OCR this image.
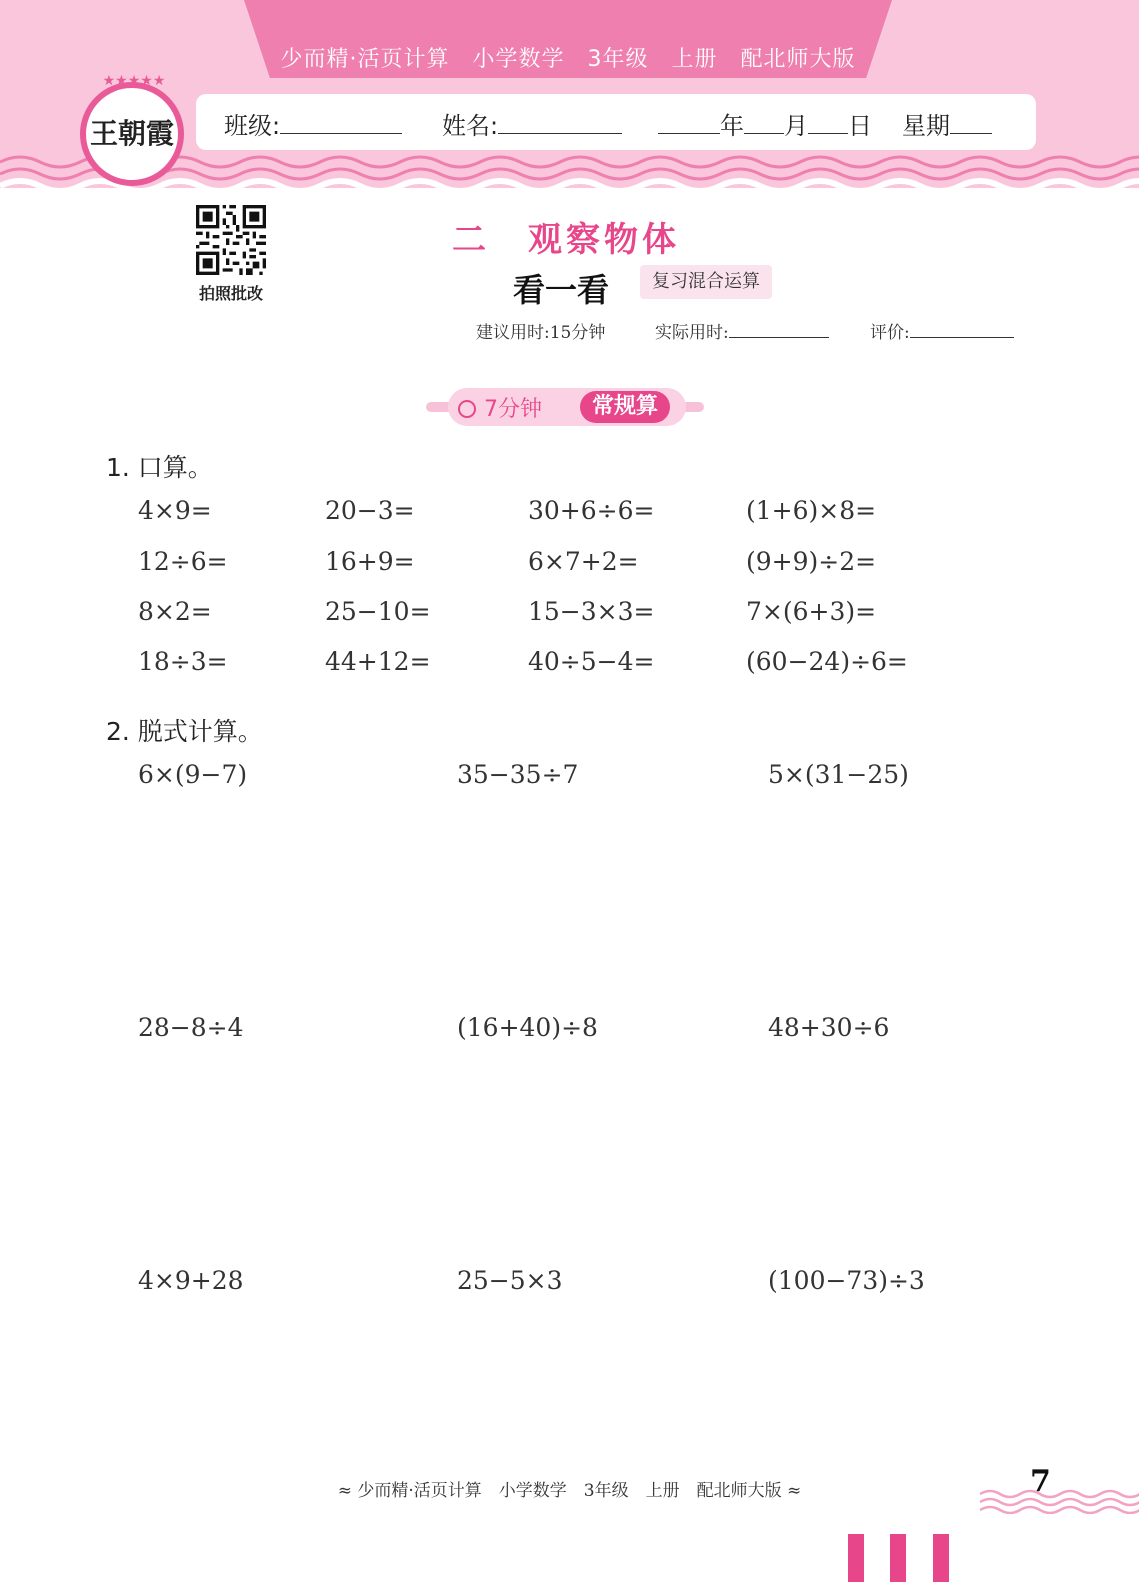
少而精·活页计算　小学数学　3年级　上册　配北师大版
班级:	姓名:	年 月 日 星期
★★★★★
王朝霞
拍照批改
二　观察物体
看一看	复习混合运算
建议用时:15分钟	实际用时:	评价:
7分钟	常规算
1. 口算。
4×9=	20−3=	30+6÷6=	(1+6)×8=
12÷6=	16+9=	6×7+2=	(9+9)÷2=
8×2=	25−10=	15−3×3=	7×(6+3)=
18÷3=	44+12=	40÷5−4=	(60−24)÷6=
2. 脱式计算。
6×(9−7)	35−35÷7	5×(31−25)
28−8÷4	(16+40)÷8	48+30÷6
4×9+28	25−5×3	(100−73)÷3
≈ 少而精·活页计算　小学数学　3年级　上册　配北师大版 ≈	7
